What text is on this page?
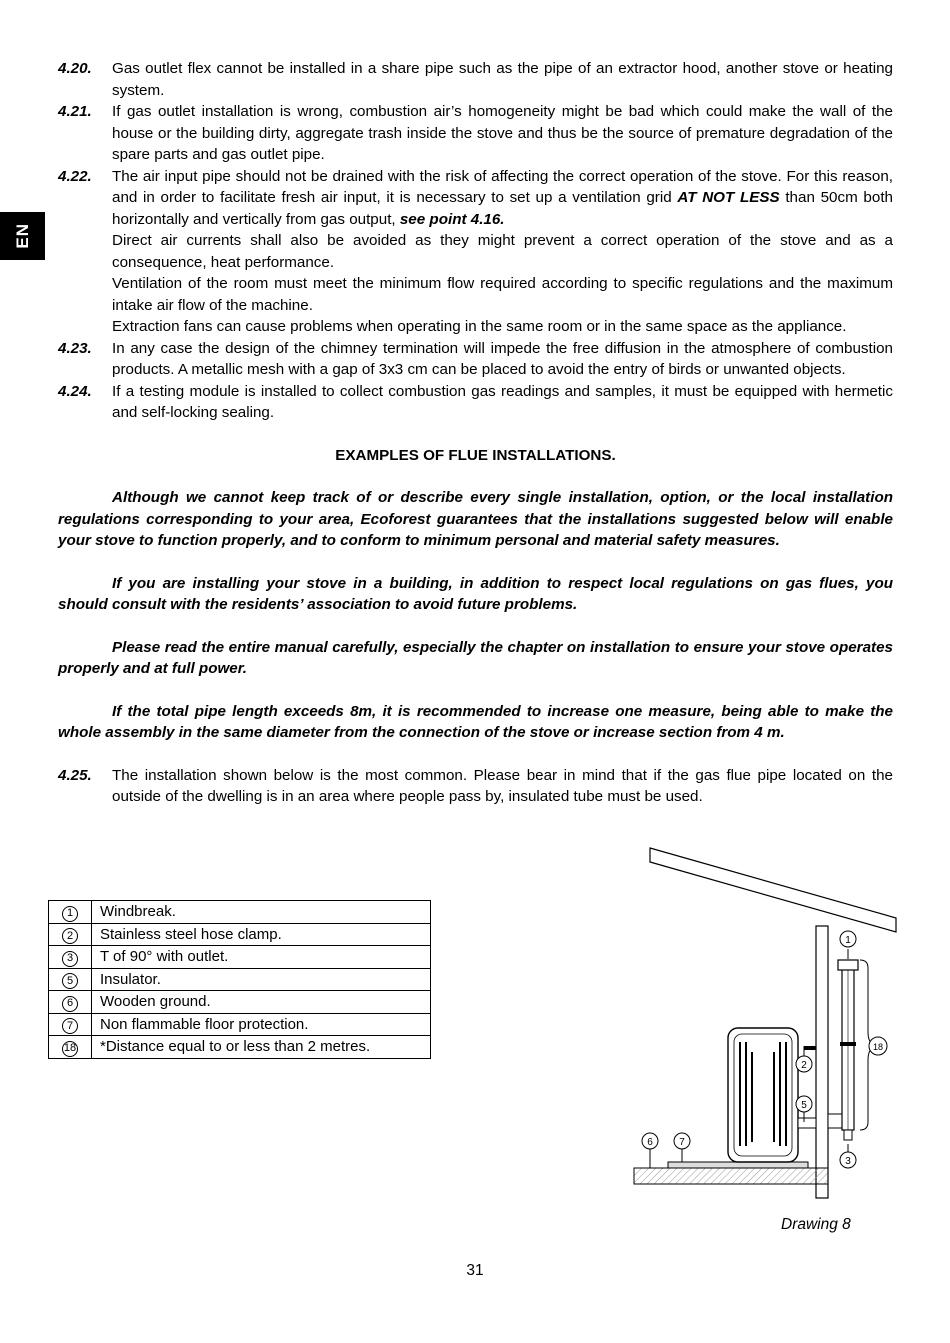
EN
4.20. Gas outlet flex cannot be installed in a share pipe such as the pipe of an extractor hood, another stove or heating system.
4.21. If gas outlet installation is wrong, combustion air’s homogeneity might be bad which could make the wall of the house or the building dirty, aggregate trash inside the stove and thus be the source of premature degradation of the spare parts and gas outlet pipe.
4.22. The air input pipe should not be drained with the risk of affecting the correct operation of the stove. For this reason, and in order to facilitate fresh air input, it is necessary to set up a ventilation grid AT NOT LESS than 50cm both horizontally and vertically from gas output, see point 4.16.
Direct air currents shall also be avoided as they might prevent a correct operation of the stove and as a consequence, heat performance.
Ventilation of the room must meet the minimum flow required according to specific regulations and the maximum intake air flow of the machine.
Extraction fans can cause problems when operating in the same room or in the same space as the appliance.
4.23. In any case the design of the chimney termination will impede the free diffusion in the atmosphere of combustion products. A metallic mesh with a gap of 3x3 cm can be placed to avoid the entry of birds or unwanted objects.
4.24. If a testing module is installed to collect combustion gas readings and samples, it must be equipped with hermetic and self-locking sealing.
EXAMPLES OF FLUE INSTALLATIONS.
Although we cannot keep track of or describe every single installation, option, or the local installation regulations corresponding to your area, Ecoforest guarantees that the installations suggested below will enable your stove to function properly, and to conform to minimum personal and material safety measures.
If you are installing your stove in a building, in addition to respect local regulations on gas flues, you should consult with the residents’ association to avoid future problems.
Please read the entire manual carefully, especially the chapter on installation to ensure your stove operates properly and at full power.
If the total pipe length exceeds 8m, it is recommended to increase one measure, being able to make the whole assembly in the same diameter from the connection of the stove or increase section from 4 m.
4.25. The installation shown below is the most common. Please bear in mind that if the gas flue pipe located on the outside of the dwelling is in an area where people pass by, insulated tube must be used.
1	Windbreak.
2	Stainless steel hose clamp.
3	T of 90° with outlet.
5	Insulator.
6	Wooden ground.
7	Non flammable floor protection.
18	*Distance equal to or less than 2 metres.
1
2
5
3
6	7
18
Drawing 8
31
